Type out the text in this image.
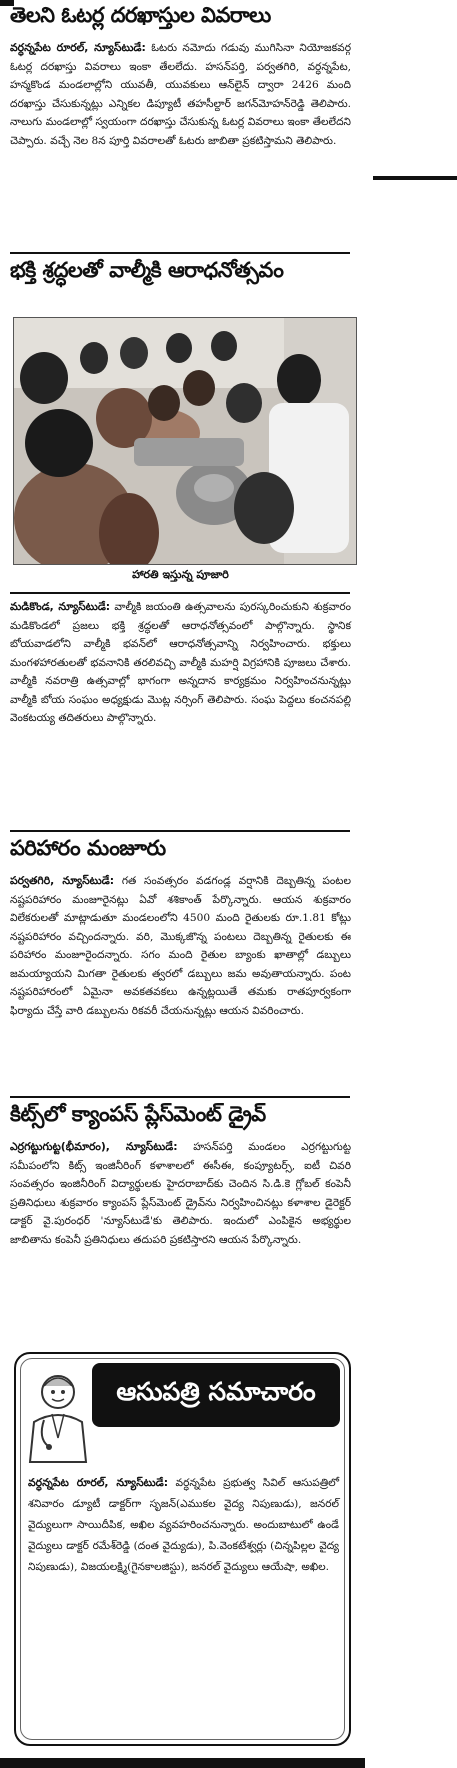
తెలని ఓటర్ల దరఖాస్తుల వివరాలు

వర్ధన్నపేట రూరల్, న్యూస్‌టుడే: ఓటరు నమోదు గడువు ముగిసినా నియోజకవర్గ ఓటర్ల దరఖాస్తు వివరాలు ఇంకా తేలలేదు. హసన్‌పర్తి, పర్వతగిరి, వర్ధన్నపేట, హన్మకొండ మండలాల్లోని యువతీ, యువకులు ఆన్‌లైన్ ద్వారా 2426 మంది దరఖాస్తు చేసుకున్నట్లు ఎన్నికల డిప్యూటీ తహసీల్దార్ జగన్‌మోహన్‌రెడ్డి తెలిపారు. నాలుగు మండలాల్లో స్వయంగా దరఖాస్తు చేసుకున్న ఓటర్ల వివరాలు ఇంకా తేలలేదని చెప్పారు. వచ్చే నెల 8న పూర్తి వివరాలతో ఓటరు జాబితా ప్రకటిస్తామని తెలిపారు.

భక్తి శ్రద్ధలతో వాల్మీకి ఆరాధనోత్సవం
హారతి ఇస్తున్న పూజారి

మడికొండ, న్యూస్‌టుడే: వాల్మీకి జయంతి ఉత్సవాలను పురస్కరించుకుని శుక్రవారం మడికొండలో ప్రజలు భక్తి శ్రద్ధలతో ఆరాధనోత్సవంలో పాల్గొన్నారు. స్థానిక బోయవాడలోని వాల్మీకి భవన్‌లో ఆరాధనోత్సవాన్ని నిర్వహించారు. భక్తులు మంగళహారతులతో భవనానికి తరలివచ్చి వాల్మీకి మహర్షి విగ్రహానికి పూజలు చేశారు. వాల్మీకి నవరాత్రి ఉత్సవాల్లో భాగంగా అన్నదాన కార్యక్రమం నిర్వహించనున్నట్లు వాల్మీకి బోయ సంఘం అధ్యక్షుడు మొట్ల నర్సింగ్ తెలిపారు. సంఘ పెద్దలు కంచనపల్లి వెంకటయ్య తదితరులు పాల్గొన్నారు.

పరిహారం మంజూరు

పర్వతగిరి, న్యూస్‌టుడే: గత సంవత్సరం వడగండ్ల వర్షానికి దెబ్బతిన్న పంటల నష్టపరిహారం మంజూరైనట్లు ఏవో శశికాంత్ పేర్కొన్నారు. ఆయన శుక్రవారం విలేకరులతో మాట్లాడుతూ మండలంలోని 4500 మంది రైతులకు రూ.1.81 కోట్లు నష్టపరిహారం వచ్చిందన్నారు. వరి, మొక్కజొన్న పంటలు దెబ్బతిన్న రైతులకు ఈ పరిహారం మంజూరైందన్నారు. సగం మంది రైతుల బ్యాంకు ఖాతాల్లో డబ్బులు జమయ్యాయని మిగతా రైతులకు త్వరలో డబ్బులు జమ అవుతాయన్నారు. పంట నష్టపరిహారంలో ఏమైనా అవకతవకలు ఉన్నట్లయితే తమకు రాతపూర్వకంగా ఫిర్యాదు చేస్తే వారి డబ్బులను రికవరీ చేయనున్నట్లు ఆయన వివరించారు.

కిట్స్‌లో క్యాంపస్ ప్లేస్‌మెంట్ డ్రైవ్

ఎర్రగట్టుగుట్ట(భీమారం), న్యూస్‌టుడే: హసన్‌పర్తి మండలం ఎర్రగట్టుగుట్ట సమీపంలోని కిట్స్ ఇంజినీరింగ్ కళాశాలలో ఈసీఈ, కంప్యూటర్స్, ఐటీ చివరి సంవత్సరం ఇంజినీరింగ్ విద్యార్థులకు హైదరాబాద్‌కు చెందిన సి.డి.కె గ్లోబల్ కంపెనీ ప్రతినిధులు శుక్రవారం క్యాంపస్ ప్లేస్‌మెంట్ డ్రైవ్‌ను నిర్వహించినట్లు కళాశాల డైరెక్టర్ డాక్టర్ వై.పురంధర్ 'న్యూస్‌టుడే'కు తెలిపారు. ఇందులో ఎంపికైన అభ్యర్థుల జాబితాను కంపెనీ ప్రతినిధులు తదుపరి ప్రకటిస్తారని ఆయన పేర్కొన్నారు.

ఆసుపత్రి సమాచారం

వర్ధన్నపేట రూరల్, న్యూస్‌టుడే: వర్ధన్నపేట ప్రభుత్వ సివిల్ ఆసుపత్రిలో శనివారం డ్యూటీ డాక్టర్‌గా సృజన్(ఎముకల వైద్య నిపుణుడు), జనరల్ వైద్యులుగా సాయిదీపిక, అఖిల వ్యవహరించనున్నారు. అందుబాటులో ఉండే వైద్యులు డాక్టర్ రమేశ్‌రెడ్డి (దంత వైద్యుడు), పి.వెంకటేశ్వర్లు (చిన్నపిల్లల వైద్య నిపుణుడు), విజయలక్ష్మి(గైనకాలజిస్టు), జనరల్ వైద్యులు ఆయేషా, అఖిల.
